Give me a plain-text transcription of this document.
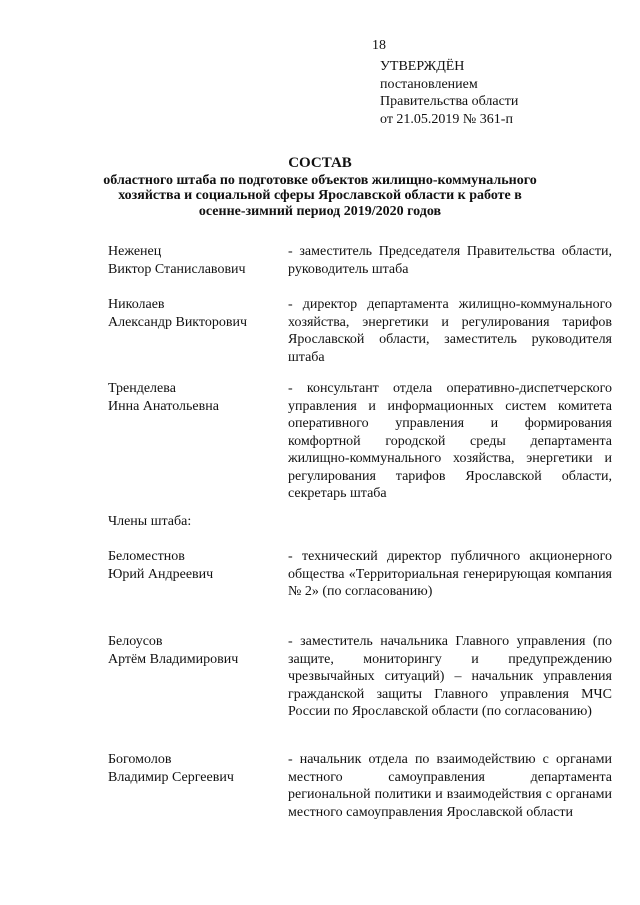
18
УТВЕРЖДЁН
постановлением
Правительства области
от 21.05.2019 № 361-п
СОСТАВ
областного штаба по подготовке объектов жилищно-коммунального хозяйства и социальной сферы Ярославской области к работе в осенне-зимний период 2019/2020 годов
Неженец
Виктор Станиславович
- заместитель Председателя Правительства области, руководитель штаба
Николаев
Александр Викторович
- директор департамента жилищно-коммунального хозяйства, энергетики и регулирования тарифов Ярославской области, заместитель руководителя штаба
Тренделева
Инна Анатольевна
- консультант отдела оперативно-диспетчерского управления и информационных систем комитета оперативного управления и формирования комфортной городской среды департамента жилищно-коммунального хозяйства, энергетики и регулирования тарифов Ярославской области, секретарь штаба
Члены штаба:
Беломестнов
Юрий Андреевич
- технический директор публичного акционерного общества «Территориальная генерирующая компания № 2» (по согласованию)
Белоусов
Артём Владимирович
- заместитель начальника Главного управления (по защите, мониторингу и предупреждению чрезвычайных ситуаций) – начальник управления гражданской защиты Главного управления МЧС России по Ярославской области (по согласованию)
Богомолов
Владимир Сергеевич
- начальник отдела по взаимодействию с органами местного самоуправления департамента региональной политики и взаимодействия с органами местного самоуправления Ярославской области
